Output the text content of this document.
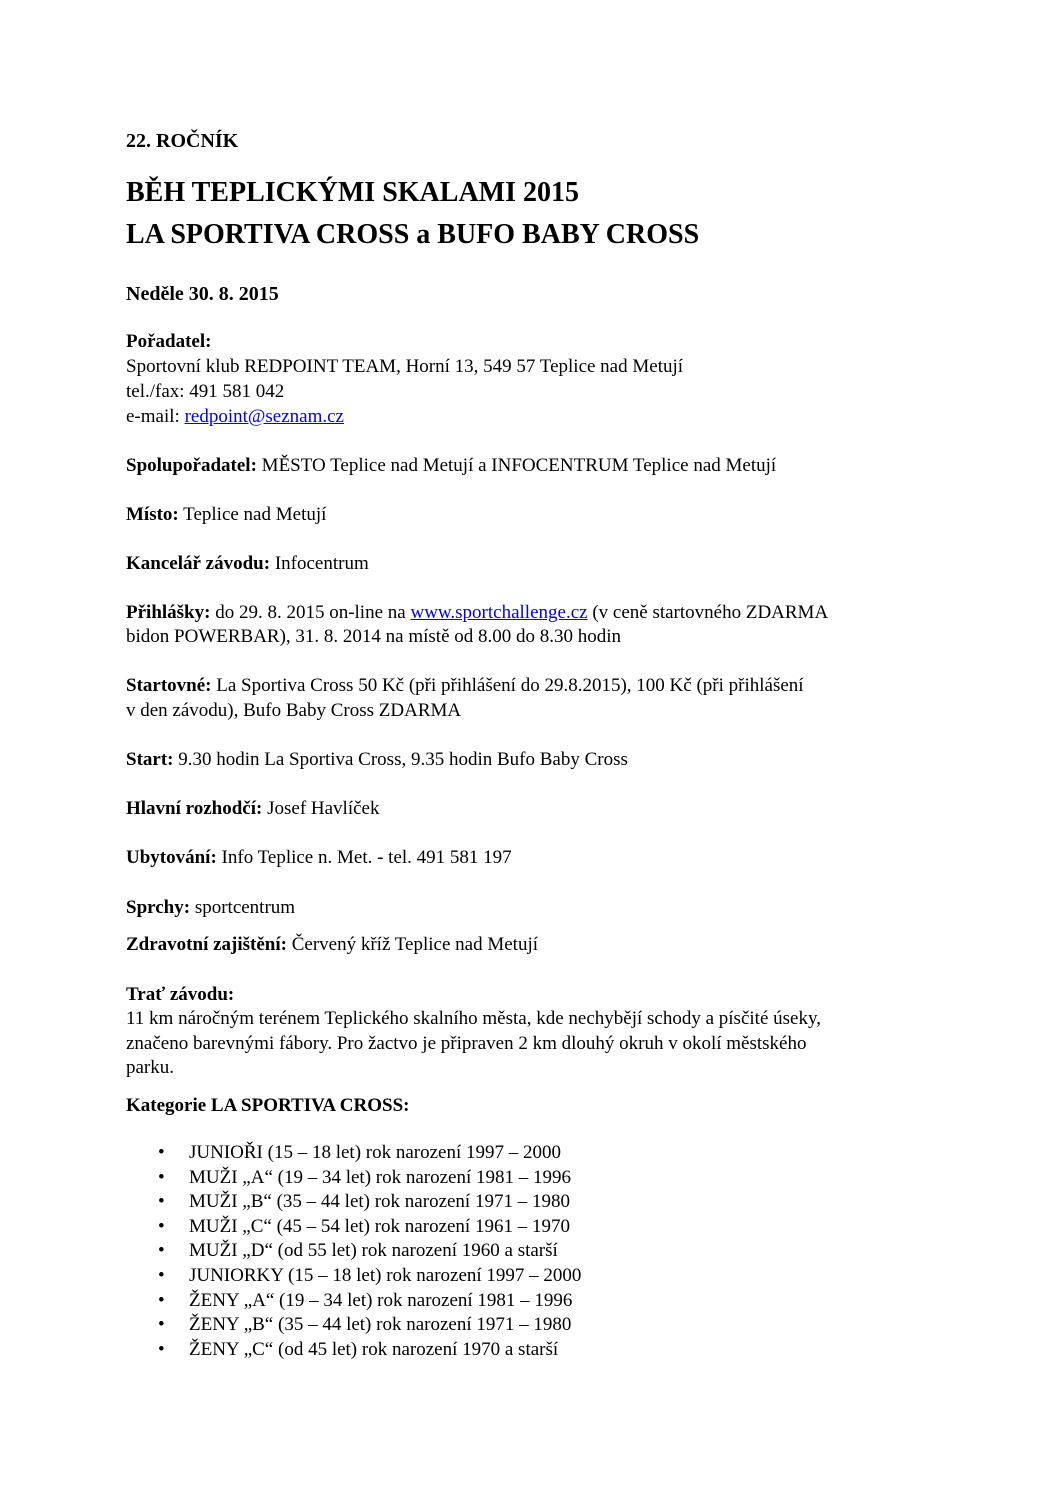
22. ROČNÍK
BĚH TEPLICKÝMI SKALAMI 2015
LA SPORTIVA CROSS a BUFO BABY CROSS
Neděle 30. 8. 2015
Pořadatel:
Sportovní klub REDPOINT TEAM, Horní 13, 549 57 Teplice nad Metují
tel./fax: 491 581 042
e-mail: redpoint@seznam.cz
Spolupořadatel: MĚSTO Teplice nad Metují a INFOCENTRUM Teplice nad Metují
Místo: Teplice nad Metují
Kancelář závodu: Infocentrum
Přihlášky: do 29. 8. 2015 on-line na www.sportchallenge.cz (v ceně startovného ZDARMA
bidon POWERBAR), 31. 8. 2014 na místě od 8.00 do 8.30 hodin
Startovné: La Sportiva Cross 50 Kč (při přihlášení do 29.8.2015), 100 Kč (při přihlášení
v den závodu), Bufo Baby Cross ZDARMA
Start: 9.30 hodin La Sportiva Cross, 9.35 hodin Bufo Baby Cross
Hlavní rozhodčí: Josef Havlíček
Ubytování: Info Teplice n. Met. - tel. 491 581 197
Sprchy: sportcentrum
Zdravotní zajištění: Červený kříž Teplice nad Metují
Trať závodu:
11 km náročným terénem Teplického skalního města, kde nechybějí schody a písčité úseky,
značeno barevnými fábory. Pro žactvo je připraven 2 km dlouhý okruh v okolí městského
parku.
Kategorie LA SPORTIVA CROSS:
• JUNIOŘI (15 – 18 let) rok narození 1997 – 2000
• MUŽI „A“ (19 – 34 let) rok narození 1981 – 1996
• MUŽI „B“ (35 – 44 let) rok narození 1971 – 1980
• MUŽI „C“ (45 – 54 let) rok narození 1961 – 1970
• MUŽI „D“ (od 55 let) rok narození 1960 a starší
• JUNIORKY (15 – 18 let) rok narození 1997 – 2000
• ŽENY „A“ (19 – 34 let) rok narození 1981 – 1996
• ŽENY „B“ (35 – 44 let) rok narození 1971 – 1980
• ŽENY „C“ (od 45 let) rok narození 1970 a starší
